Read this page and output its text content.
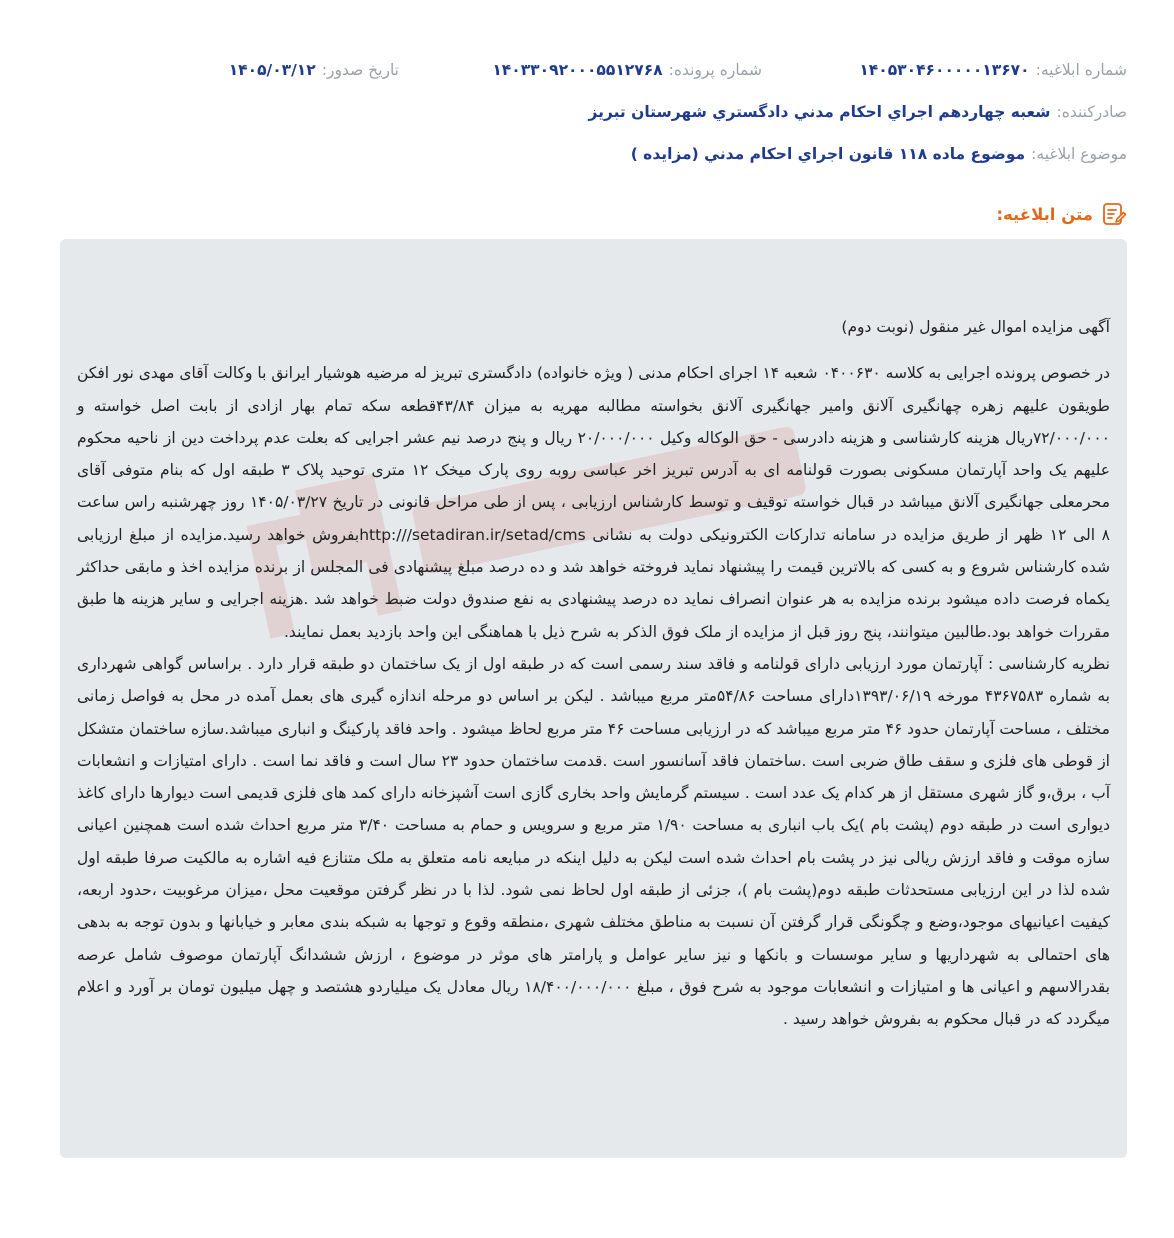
شماره ابلاغیه:
۱۴۰۵۳۰۴۶۰۰۰۰۰۱۳۶۷۰
شماره پرونده:
۱۴۰۳۳۰۹۲۰۰۰۵۵۱۲۷۶۸
تاریخ صدور:
۱۴۰۵/۰۳/۱۲
صادرکننده:
شعبه چهاردهم اجراي احکام مدني دادگستري شهرستان تبريز
موضوع ابلاغیه:
موضوع ماده ۱۱۸ قانون اجراي احکام مدني (مزايده )
متن ابلاغیه:

آگهی مزایده اموال غیر منقول (نوبت دوم)

در خصوص پرونده اجرایی به کلاسه ۰۴۰۰۶۳۰ شعبه ۱۴ اجرای احکام مدنی ( ویژه خانواده) دادگستری تبریز له مرضیه هوشیار ایرانق با وکالت آقای مهدی نور افکن طویقون علیهم زهره چهانگیری آلانق وامیر جهانگیری آلانق بخواسته مطالبه مهریه به میزان ۴۳/۸۴قطعه سکه تمام بهار ازادی از بابت اصل خواسته و ۷۲/۰۰۰/۰۰۰ریال هزینه کارشناسی و هزینه دادرسی - حق الوکاله وکیل ۲۰/۰۰۰/۰۰۰ ریال و پنج درصد نیم عشر اجرایی که بعلت عدم پرداخت دین از ناحیه محکوم علیهم یک واحد آپارتمان مسکونی بصورت قولنامه ای به آدرس تبریز اخر عباسی روبه روی پارک میخک ۱۲ متری توحید پلاک ۳ طبقه اول که بنام متوفی آقای محرمعلی جهانگیری آلانق میباشد در قبال خواسته توقیف و توسط کارشناس ارزیابی ، پس از طی مراحل قانونی در تاریخ ۱۴۰۵/۰۳/۲۷ روز چهرشنبه راس ساعت ۸ الی ۱۲ ظهر از طریق مزایده در سامانه تدارکات الکترونیکی دولت به نشانی http:///setadiran.ir/setad/cmsبفروش خواهد رسید.مزایده از مبلغ ارزیابی شده کارشناس شروع و به کسی که بالاترین قیمت را پیشنهاد نماید فروخته خواهد شد و ده درصد مبلغ پیشنهادی فی المجلس از برنده مزایده اخذ و مابقی حداکثر یکماه فرصت داده میشود برنده مزایده به هر عنوان انصراف نماید ده درصد پیشنهادی به نفع صندوق دولت ضبط خواهد شد .هزینه اجرایی و سایر هزینه ها طبق مقررات خواهد بود.طالبین میتوانند، پنج روز قبل از مزایده از ملک فوق الذکر به شرح ذیل با هماهنگی این واحد بازدید بعمل نمایند.

نظریه کارشناسی : آپارتمان مورد ارزیابی دارای قولنامه و فاقد سند رسمی است که در طبقه اول از یک ساختمان دو طبقه قرار دارد . براساس گواهی شهرداری به شماره ۴۳۶۷۵۸۳ مورخه ۱۳۹۳/۰۶/۱۹دارای مساحت ۵۴/۸۶متر مربع میباشد . لیکن بر اساس دو مرحله اندازه گیری های بعمل آمده در محل به فواصل زمانی مختلف ، مساحت آپارتمان حدود ۴۶ متر مربع میباشد که در ارزیابی مساحت ۴۶ متر مربع لحاظ میشود . واحد فاقد پارکینگ و انباری میباشد.سازه ساختمان متشکل از قوطی های فلزی و سقف طاق ضربی است .ساختمان فاقد آسانسور است .قدمت ساختمان حدود ۲۳ سال است و فاقد نما است . دارای امتیازات و انشعابات آب ، برق،و گاز شهری مستقل از هر کدام یک عدد است . سیستم گرمایش واحد بخاری گازی است آشپزخانه دارای کمد های فلزی قدیمی است دیوارها دارای کاغذ دیواری است در طبقه دوم (پشت بام )یک باب انباری به مساحت ۱/۹۰ متر مربع و سرویس و حمام به مساحت ۳/۴۰ متر مربع احداث شده است همچنین اعیانی سازه موقت و فاقد ارزش ریالی نیز در پشت بام احداث شده است لیکن به دلیل اینکه در مبایعه نامه متعلق به ملک متنازع فیه اشاره به مالکیت صرفا طبقه اول شده لذا در این ارزیابی مستحدثات طبقه دوم(پشت بام )، جزئی از طبقه اول لحاظ نمی شود. لذا با در نظر گرفتن موقعیت محل ،میزان مرغوبیت ،حدود اربعه، کیفیت اعیانیهای موجود،وضع و چگونگی قرار گرفتن آن نسبت به مناطق مختلف شهری ،منطقه وقوع و توجها به شبکه بندی معابر و خیابانها و بدون توجه به بدهی های احتمالی به شهرداریها و سایر موسسات و بانکها و نیز سایر عوامل و پارامتر های موثر در موضوع ، ارزش ششدانگ آپارتمان موصوف شامل عرصه بقدرالاسهم و اعیانی ها و امتیازات و انشعابات موجود به شرح فوق ، مبلغ ۱۸/۴۰۰/۰۰۰/۰۰۰ ریال معادل یک میلیاردو هشتصد و چهل میلیون تومان بر آورد و اعلام میگردد که در قبال محکوم به بفروش خواهد رسید .
